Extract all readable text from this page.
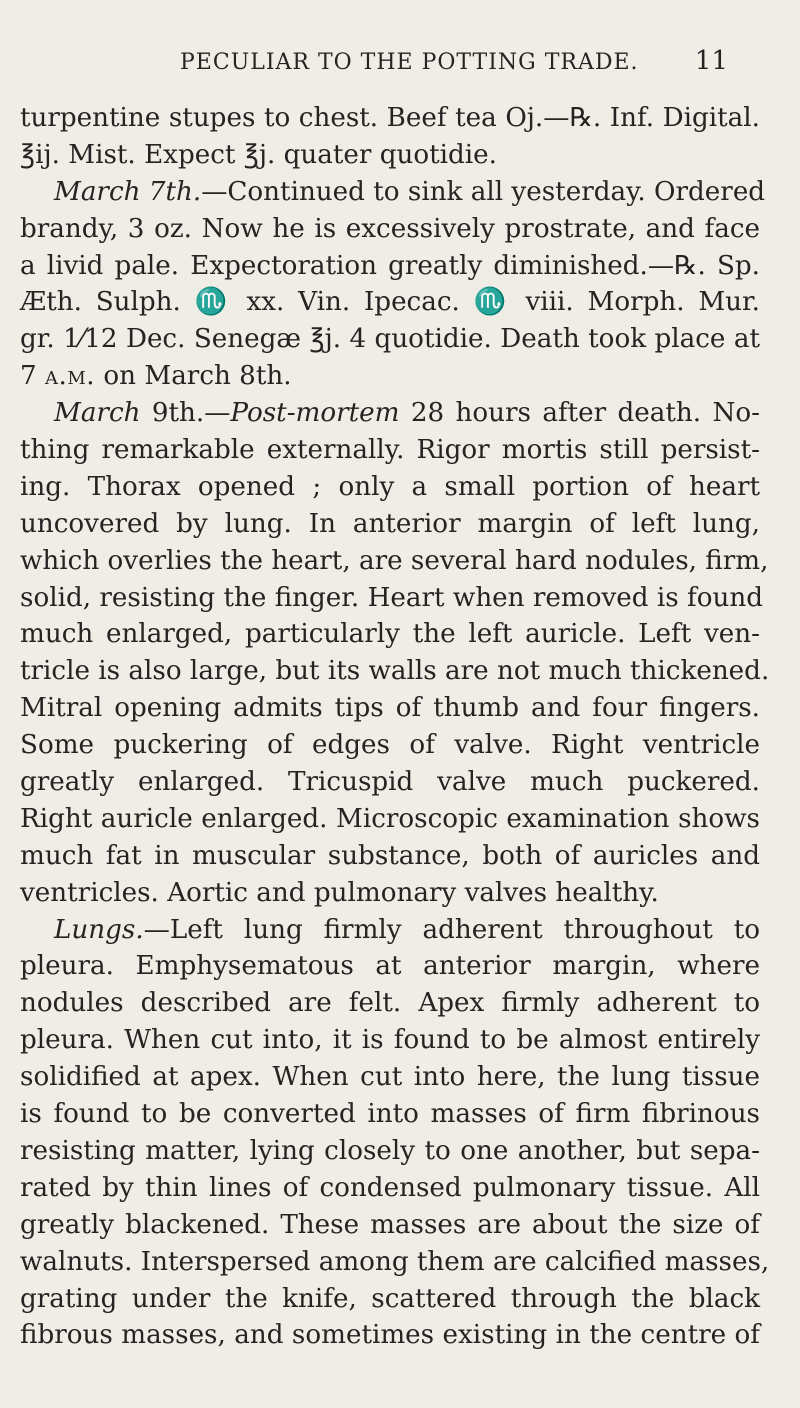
PECULIAR TO THE POTTING TRADE. 11
turpentine stupes to chest. Beef tea Oj.—℞. Inf. Digital.
℥ij. Mist. Expect ℥j. quater quotidie.
March 7th.—Continued to sink all yesterday. Ordered
brandy, 3 oz. Now he is excessively prostrate, and face
a livid pale. Expectoration greatly diminished.—℞. Sp.
Æth. Sulph. ♏ xx. Vin. Ipecac. ♏ viii. Morph. Mur.
gr. 1⁄12 Dec. Senegæ ℥j. 4 quotidie. Death took place at
7 a.m. on March 8th.
March 9th.—Post-mortem 28 hours after death. No-
thing remarkable externally. Rigor mortis still persist-
ing. Thorax opened ; only a small portion of heart
uncovered by lung. In anterior margin of left lung,
which overlies the heart, are several hard nodules, firm,
solid, resisting the finger. Heart when removed is found
much enlarged, particularly the left auricle. Left ven-
tricle is also large, but its walls are not much thickened.
Mitral opening admits tips of thumb and four fingers.
Some puckering of edges of valve. Right ventricle
greatly enlarged. Tricuspid valve much puckered.
Right auricle enlarged. Microscopic examination shows
much fat in muscular substance, both of auricles and
ventricles. Aortic and pulmonary valves healthy.
Lungs.—Left lung firmly adherent throughout to
pleura. Emphysematous at anterior margin, where
nodules described are felt. Apex firmly adherent to
pleura. When cut into, it is found to be almost entirely
solidified at apex. When cut into here, the lung tissue
is found to be converted into masses of firm fibrinous
resisting matter, lying closely to one another, but sepa-
rated by thin lines of condensed pulmonary tissue. All
greatly blackened. These masses are about the size of
walnuts. Interspersed among them are calcified masses,
grating under the knife, scattered through the black
fibrous masses, and sometimes existing in the centre of
